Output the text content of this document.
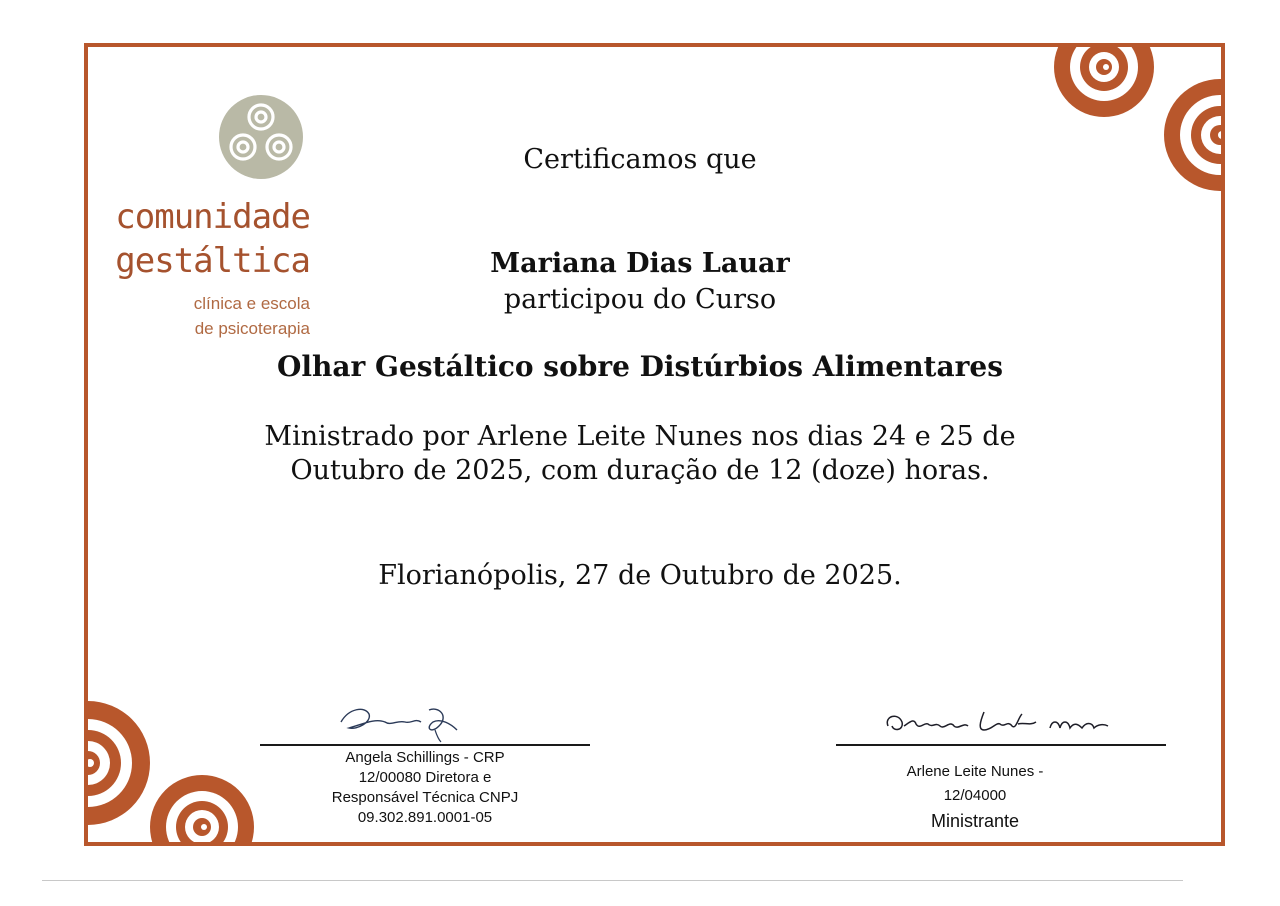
comunidade
gestáltica
clínica e escola
de psicoterapia
Certificamos que
Mariana Dias Lauar
participou do Curso
Olhar Gestáltico sobre Distúrbios Alimentares
Ministrado por Arlene Leite Nunes nos dias 24 e 25 de
Outubro de 2025, com duração de 12 (doze) horas.
Florianópolis, 27 de Outubro de 2025.
Angela Schillings - CRP
12/00080 Diretora e
Responsável Técnica CNPJ
09.302.891.0001-05
Arlene Leite Nunes -
12/04000
Ministrante
